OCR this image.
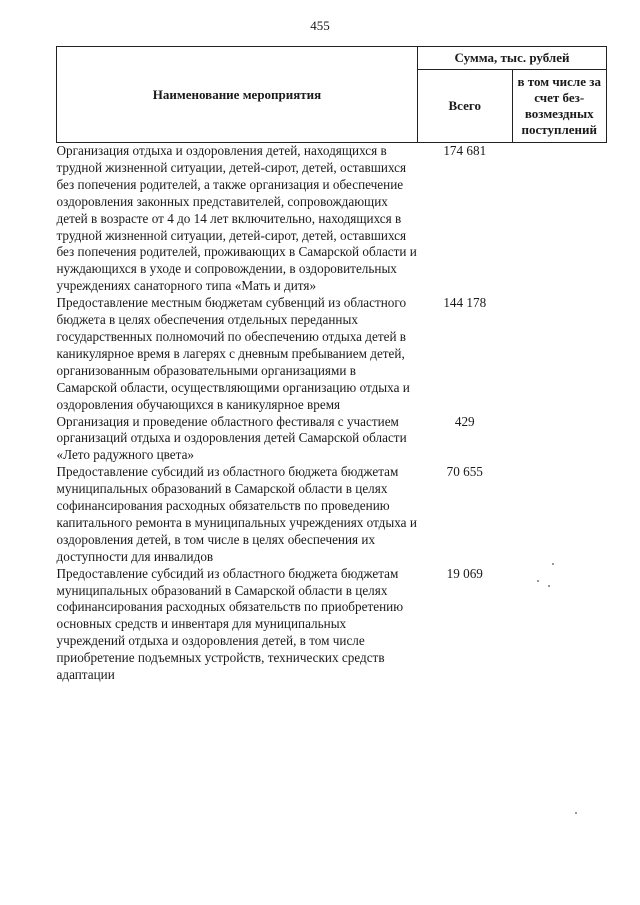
455
Наименование мероприятия	Сумма, тыс. рублей	
	Всего	в том числе за счет без-возмездных поступлений
Организация отдыха и оздоровления детей, находящихся в трудной жизненной ситуации, детей-сирот, детей, оставшихся без попечения родителей, а также организация и обеспечение оздоровления законных представителей, сопровождающих детей в возрасте от 4 до 14 лет включительно, находящихся в трудной жизненной ситуации, детей-сирот, детей, оставшихся без попечения родителей, проживающих в Самарской области и нуждающихся в уходе и сопровождении, в оздоровительных учреждениях санаторного типа «Мать и дитя»	174 681	
Предоставление местным бюджетам субвенций из областного бюджета в целях обеспечения отдельных переданных государственных полномочий по обеспечению отдыха детей в каникулярное время в лагерях с дневным пребыванием детей, организованным образовательными организациями в Самарской области, осуществляющими организацию отдыха и оздоровления обучающихся в каникулярное время	144 178	
Организация и проведение областного фестиваля с участием организаций отдыха и оздоровления детей Самарской области «Лето радужного цвета»	429	
Предоставление субсидий из областного бюджета бюджетам муниципальных образований в Самарской области в целях софинансирования расходных обязательств по проведению капитального ремонта в муниципальных учреждениях отдыха и оздоровления детей, в том числе в целях обеспечения их доступности для инвалидов	70 655	
Предоставление субсидий из областного бюджета бюджетам муниципальных образований в Самарской области в целях софинансирования расходных обязательств по приобретению основных средств и инвентаря для муниципальных учреждений отдыха и оздоровления детей, в том числе приобретение подъемных устройств, технических средств адаптации	19 069	
